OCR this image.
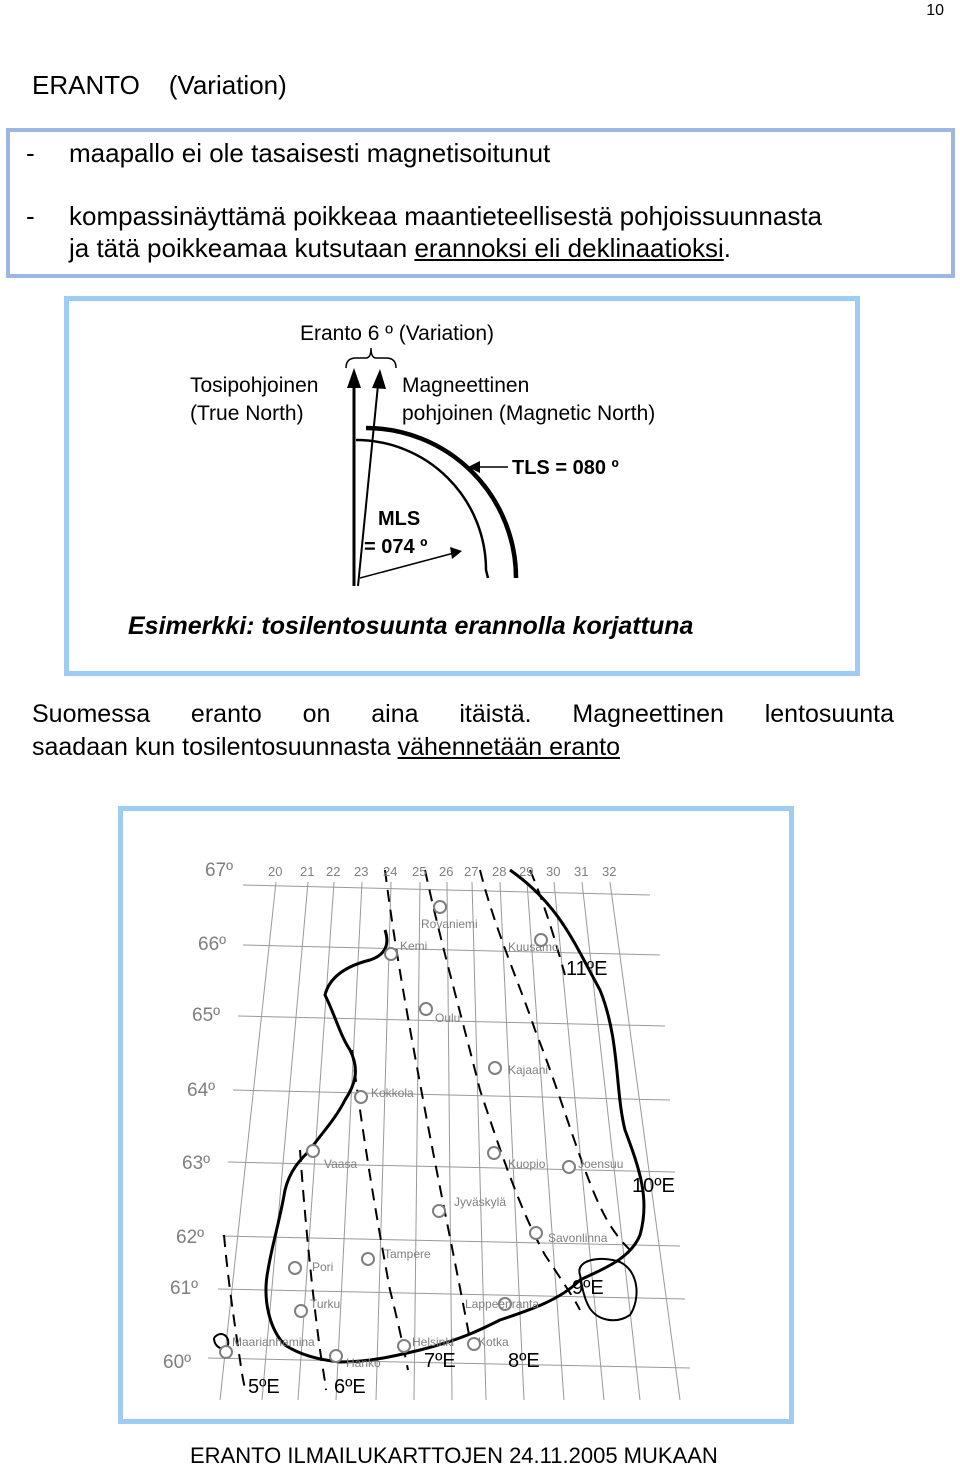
10
ERANTO    (Variation)
- maapallo ei ole tasaisesti magnetisoitunut
- kompassinäyttämä poikkeaa maantieteellisestä pohjoissuunnasta
ja tätä poikkeamaa kutsutaan erannoksi eli deklinaatioksi.
Eranto 6 º (Variation)
Tosipohjoinen
(True North)
Magneettinen
pohjoinen (Magnetic North)
TLS = 080 º
MLS
= 074 º
Esimerkki: tosilentosuunta erannolla korjattuna
Suomessa eranto on aina itäistä. Magneettinen lentosuunta
saadaan kun tosilentosuunnasta vähennetään eranto
67º
66º
65º
64º
63º
62º
61º
60º
20 21 22 23 24 25 26 27 28 29 30 31 32
Rovaniemi
Kemi	Kuusamo
Oulu
Kajaani
Kokkola
Vaasa	Kuopio	Joensuu
Jyväskylä
Tampere
Savonlinna
Pori
Turku	Lappeenranta
Maarianhamina	Helsinki Kotka
Hanko
11ºE
10ºE
9ºE
7ºE	8ºE
5ºE	6ºE
ERANTO ILMAILUKARTTOJEN 24.11.2005 MUKAAN
